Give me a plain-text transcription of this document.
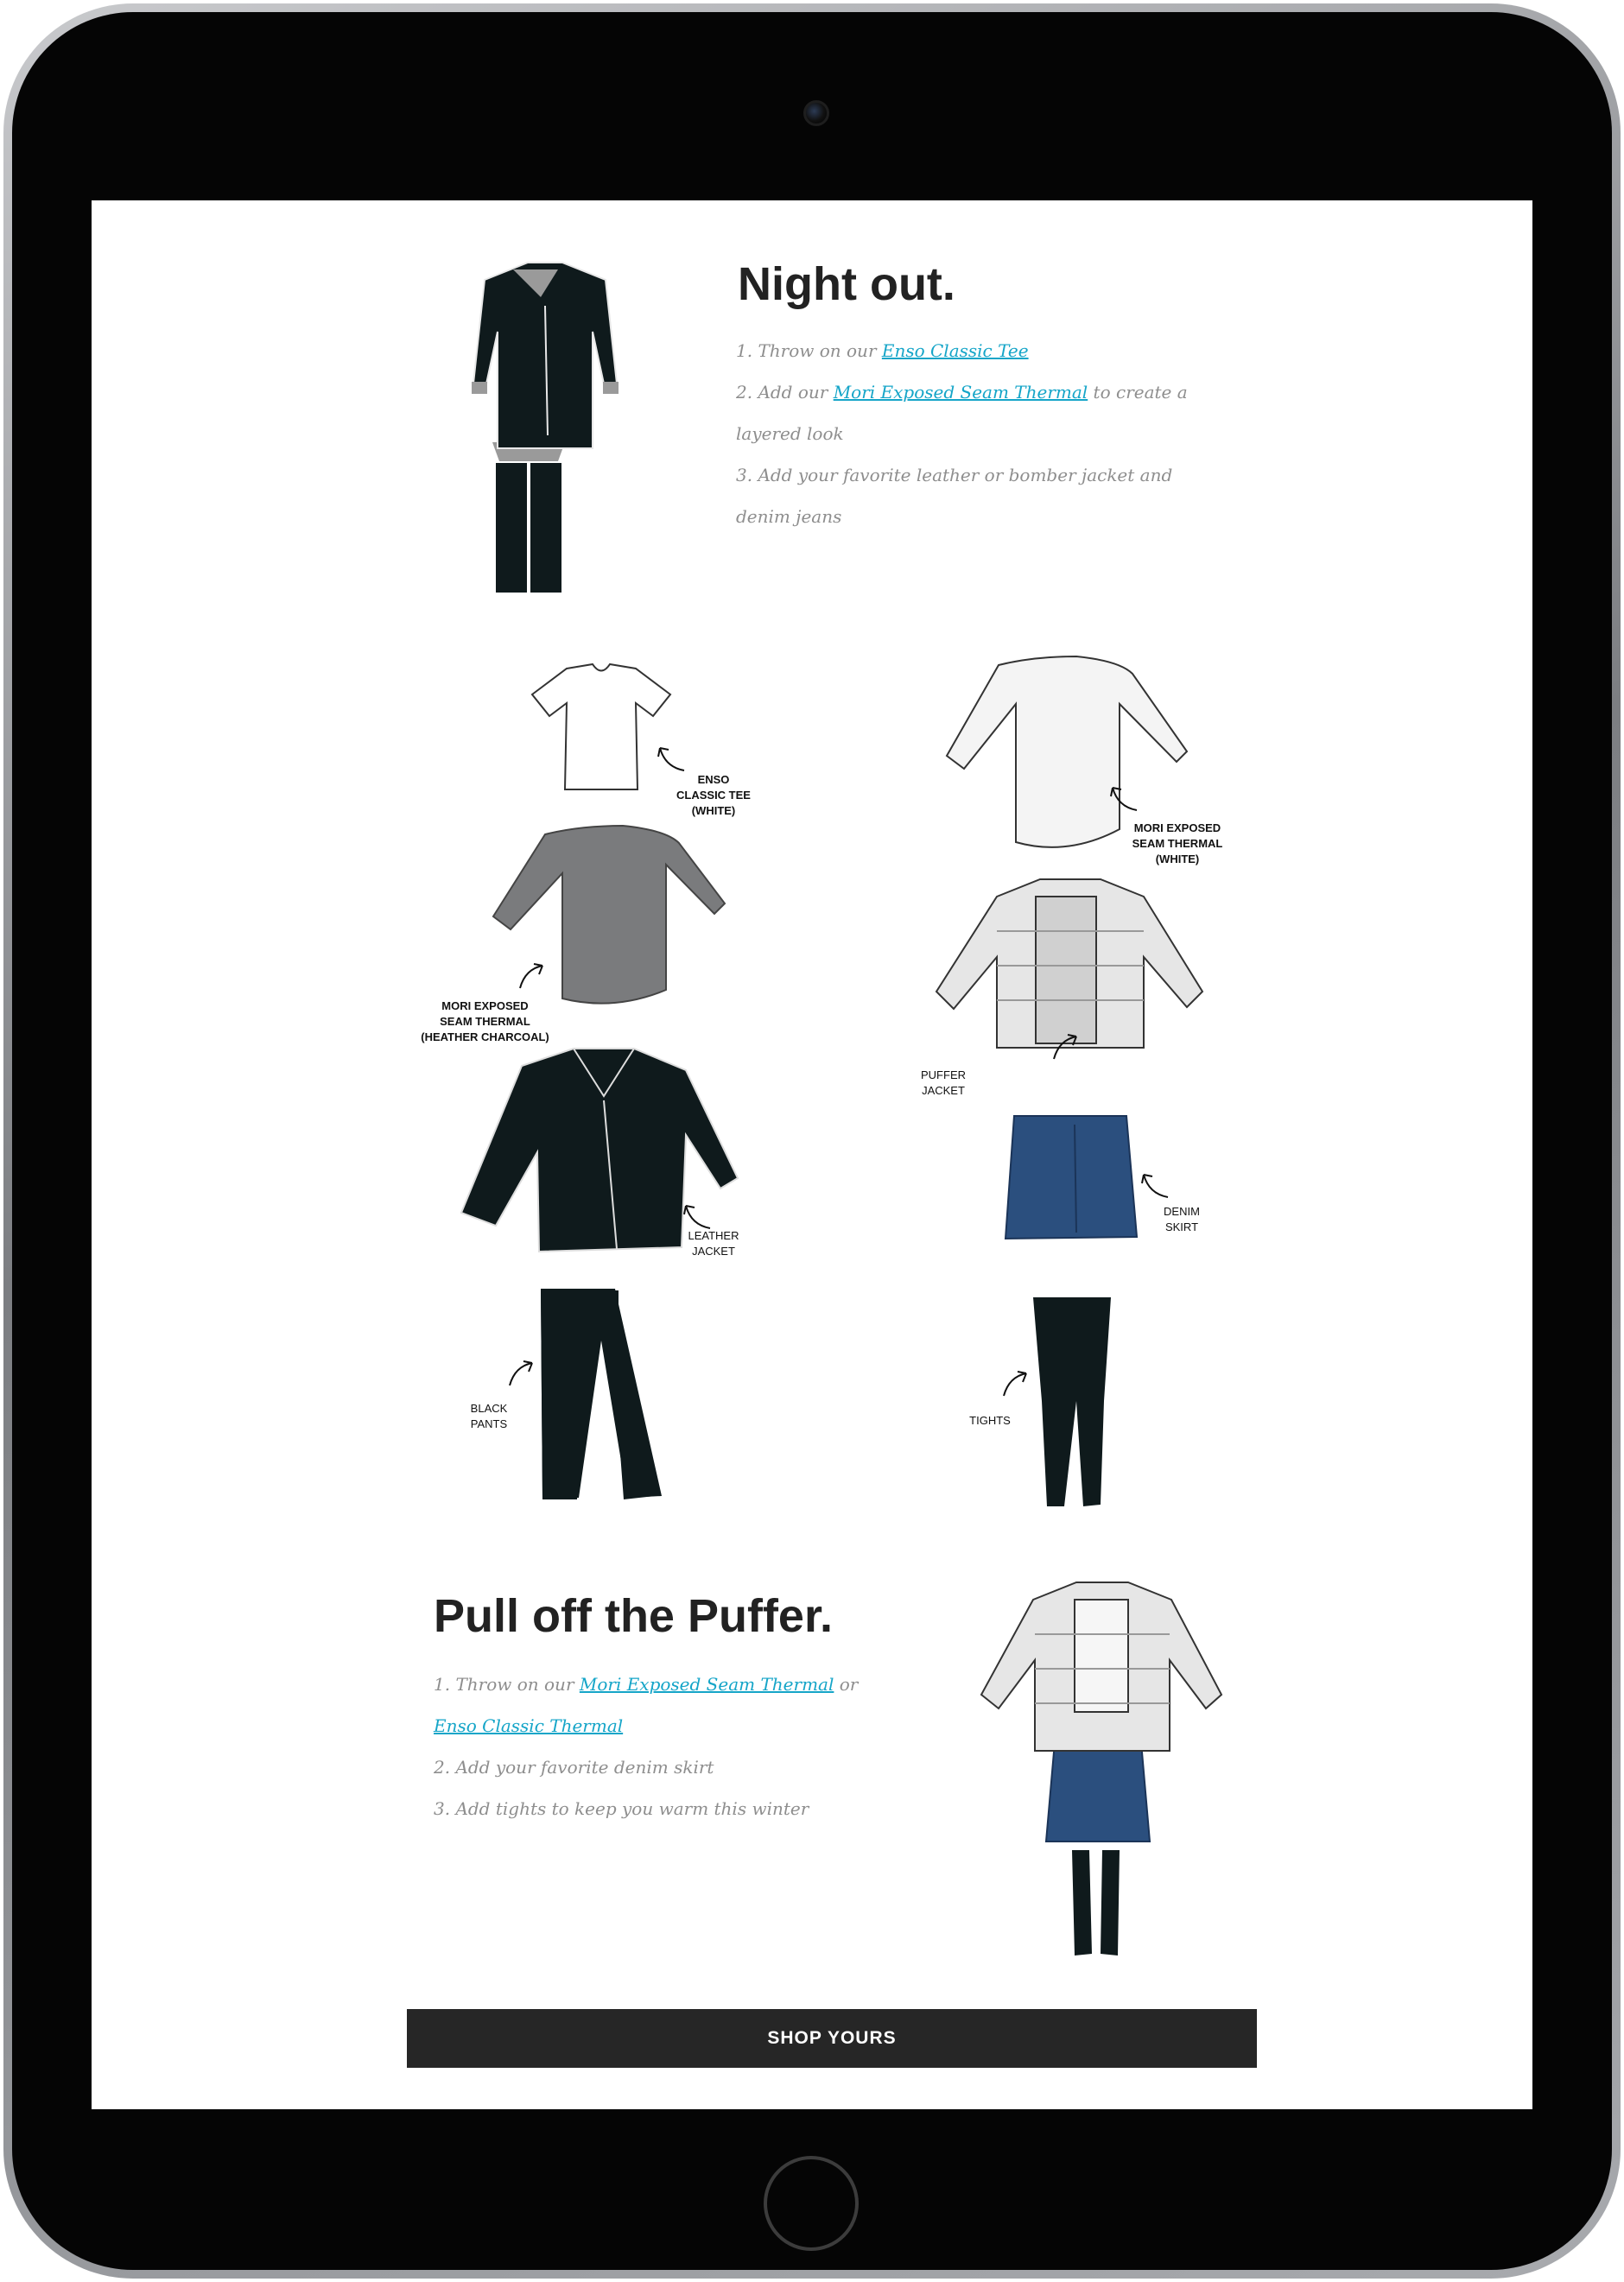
Night out.
1. Throw on our Enso Classic Tee
2. Add our Mori Exposed Seam Thermal to create a layered look
3. Add your favorite leather or bomber jacket and denim jeans
ENSO
CLASSIC TEE
(WHITE)
MORI EXPOSED
SEAM THERMAL
(HEATHER CHARCOAL)
LEATHER
JACKET
BLACK
PANTS
MORI EXPOSED
SEAM THERMAL
(WHITE)
PUFFER
JACKET
DENIM
SKIRT
TIGHTS
Pull off the Puffer.
1. Throw on our Mori Exposed Seam Thermal or Enso Classic Thermal
2. Add your favorite denim skirt
3. Add tights to keep you warm this winter
SHOP YOURS
